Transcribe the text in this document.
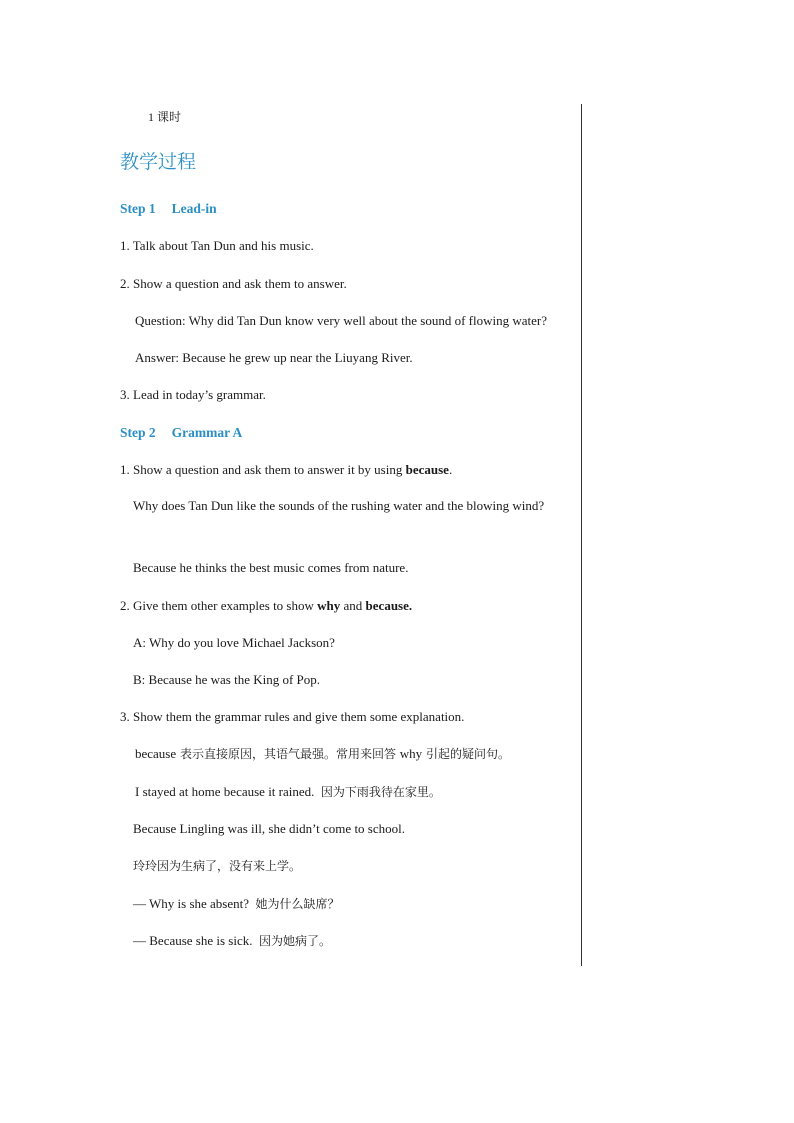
1 课时
教学过程
Step 1 Lead-in
1. Talk about Tan Dun and his music.
2. Show a question and ask them to answer.
Question: Why did Tan Dun know very well about the sound of flowing water?
Answer: Because he grew up near the Liuyang River.
3. Lead in today’s grammar.
Step 2 Grammar A
1. Show a question and ask them to answer it by using because.
Why does Tan Dun like the sounds of the rushing water and the blowing wind?
Because he thinks the best music comes from nature.
2. Give them other examples to show why and because.
A: Why do you love Michael Jackson?
B: Because he was the King of Pop.
3. Show them the grammar rules and give them some explanation.
because 表示直接原因，其语气最强。常用来回答 why 引起的疑问句。
I stayed at home because it rained. 因为下雨我待在家里。
Because Lingling was ill, she didn’t come to school.
玲玲因为生病了，没有来上学。
— Why is she absent? 她为什么缺席？
— Because she is sick. 因为她病了。
